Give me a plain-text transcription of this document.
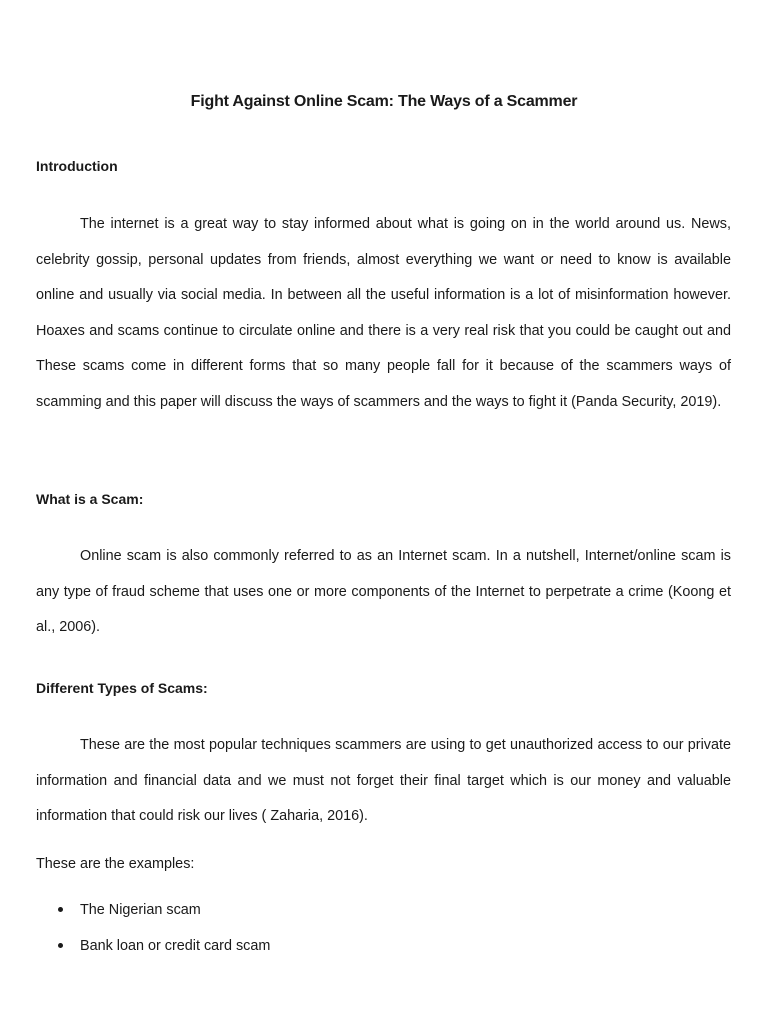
Fight Against Online Scam: The Ways of a Scammer
Introduction

The internet is a great way to stay informed about what is going on in the world around us. News, celebrity gossip, personal updates from friends, almost everything we want or need to know is available online and usually via social media. In between all the useful information is a lot of misinformation however. Hoaxes and scams continue to circulate online and there is a very real risk that you could be caught out and These scams come in different forms that so many people fall for it because of the scammers ways of scamming and this paper will discuss the ways of scammers and the ways to fight it (Panda Security, 2019).

What is a Scam:

Online scam is also commonly referred to as an Internet scam. In a nutshell, Internet/online scam is any type of fraud scheme that uses one or more components of the Internet to perpetrate a crime (Koong et al., 2006).

Different Types of Scams:

These are the most popular techniques scammers are using to get unauthorized access to our private information and financial data and we must not forget their final target which is our money and valuable information that could risk our lives ( Zaharia, 2016).

These are the examples:

The Nigerian scam
Bank loan or credit card scam
